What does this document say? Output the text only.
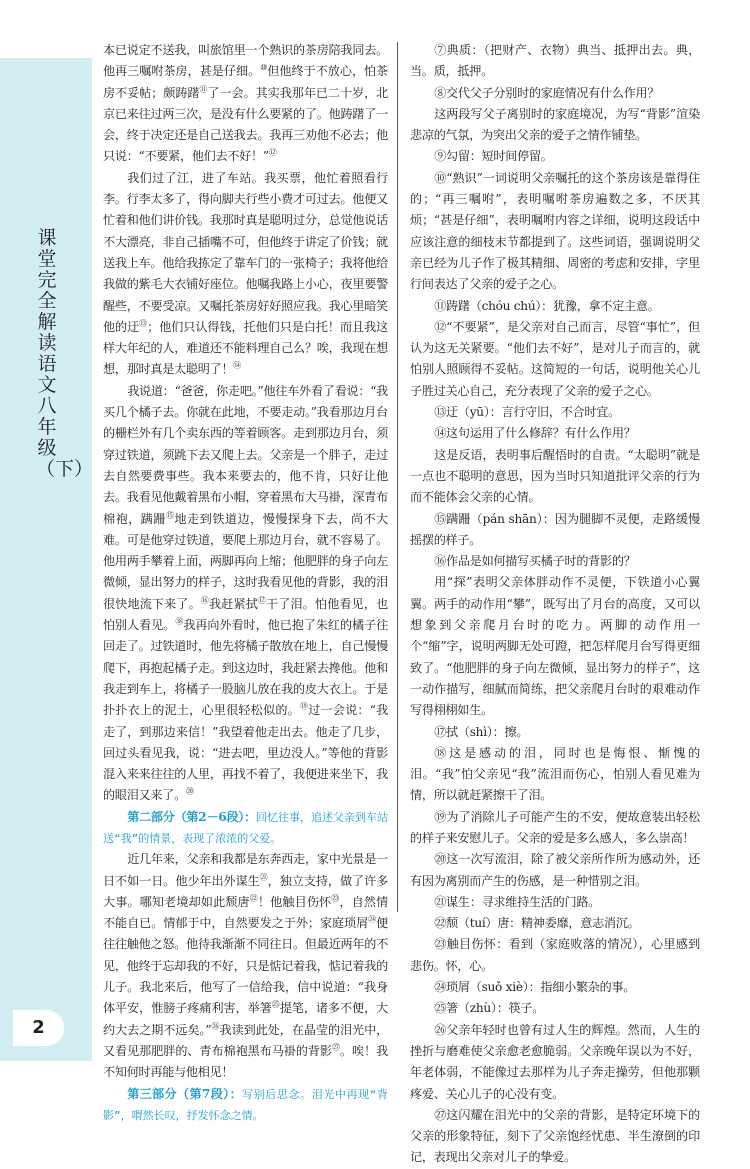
课堂完全解读 语文 八年级（下）
2

本已说定不送我，叫旅馆里一个熟识的茶房陪我同去。他再三嘱咐茶房，甚是仔细。⑩但他终于不放心，怕茶房不妥帖；颇踌躇⑪了一会。其实我那年已二十岁，北京已来往过两三次，是没有什么要紧的了。他踌躇了一会，终于决定还是自己送我去。我再三劝他不必去；他只说：“不要紧，他们去不好！”⑫

我们过了江，进了车站。我买票，他忙着照看行李。行李太多了，得向脚夫行些小费才可过去。他便又忙着和他们讲价钱。我那时真是聪明过分，总觉他说话不大漂亮，非自己插嘴不可，但他终于讲定了价钱；就送我上车。他给我拣定了靠车门的一张椅子；我将他给我做的紫毛大衣铺好座位。他嘱我路上小心，夜里要警醒些，不要受凉。又嘱托茶房好好照应我。我心里暗笑他的迂⑬；他们只认得钱，托他们只是白托！而且我这样大年纪的人，难道还不能料理自己么？唉，我现在想想，那时真是太聪明了！⑭

我说道：“爸爸，你走吧。”他往车外看了看说：“我买几个橘子去。你就在此地，不要走动。”我看那边月台的栅栏外有几个卖东西的等着顾客。走到那边月台，须穿过铁道，须跳下去又爬上去。父亲是一个胖子，走过去自然要费事些。我本来要去的，他不肯，只好让他去。我看见他戴着黑布小帽，穿着黑布大马褂，深青布棉袍，蹒跚⑮地走到铁道边，慢慢探身下去，尚不大难。可是他穿过铁道，要爬上那边月台，就不容易了。他用两手攀着上面，两脚再向上缩；他肥胖的身子向左微倾，显出努力的样子，这时我看见他的背影，我的泪很快地流下来了。⑯我赶紧拭⑰干了泪。怕他看见，也怕别人看见。⑱我再向外看时，他已抱了朱红的橘子往回走了。过铁道时，他先将橘子散放在地上，自己慢慢爬下，再抱起橘子走。到这边时，我赶紧去搀他。他和我走到车上，将橘子一股脑儿放在我的皮大衣上。于是扑扑衣上的泥土，心里很轻松似的。⑲过一会说：“我走了，到那边来信！”我望着他走出去。他走了几步，回过头看见我，说：“进去吧，里边没人。”等他的背影混入来来往往的人里，再找不着了，我便进来坐下，我的眼泪又来了。⑳

第二部分（第2－6段）：回忆往事，追述父亲到车站送“我”的情景，表现了浓浓的父爱。

近几年来，父亲和我都是东奔西走，家中光景是一日不如一日。他少年出外谋生$^㉑$，独立支持，做了许多大事。哪知老境却如此颓唐$^㉒$！他触目伤怀$^㉓$，自然情不能自已。情郁于中，自然要发之于外；家庭琐屑$^㉔$便往往触他之怒。他待我渐渐不同往日。但最近两年的不见，他终于忘却我的不好，只是惦记着我，惦记着我的儿子。我北来后，他写了一信给我，信中说道：“我身体平安，惟膀子疼痛利害，举箸$^㉕$提笔，诸多不便，大约大去之期不远矣。”$^㉖$我读到此处，在晶莹的泪光中，又看见那肥胖的、青布棉袍黑布马褂的背影$^㉗$。唉！我不知何时再能与他相见！

第三部分（第7段）：写别后思念。泪光中再现“背影”，喟然长叹，抒发怀念之情。

⑦典质：（把财产、衣物）典当、抵押出去。典，当。质，抵押。

⑧交代父子分别时的家庭情况有什么作用？

这两段写父子离别时的家庭境况，为写“背影”渲染悲凉的气氛，为突出父亲的爱子之情作铺垫。

⑨勾留：短时间停留。

⑩“熟识”一词说明父亲嘱托的这个茶房该是靠得住的；“再三嘱咐”，表明嘱咐茶房遍数之多，不厌其烦；“甚是仔细”，表明嘱咐内容之详细，说明这段话中应该注意的细枝末节都提到了。这些词语，强调说明父亲已经为儿子作了极其精细、周密的考虑和安排，字里行间表达了父亲的爱子之心。

⑪踌躇（chóu chú）：犹豫，拿不定主意。

⑫“不要紧”，是父亲对自己而言，尽管“事忙”，但认为这无关紧要。“他们去不好”，是对儿子而言的，就怕别人照顾得不妥帖。这简短的一句话，说明他关心儿子胜过关心自己，充分表现了父亲的爱子之心。

⑬迂（yū）：言行守旧，不合时宜。

⑭这句运用了什么修辞？有什么作用？

这是反语，表明事后醒悟时的自责。“太聪明”就是一点也不聪明的意思，因为当时只知道批评父亲的行为而不能体会父亲的心情。

⑮蹒跚（pán shān）：因为腿脚不灵便，走路缓慢摇摆的样子。

⑯作品是如何描写买橘子时的背影的？

用“探”表明父亲体胖动作不灵便，下铁道小心翼翼。两手的动作用“攀”，既写出了月台的高度，又可以想象到父亲爬月台时的吃力。两脚的动作用一个“缩”字，说明两脚无处可蹬，把怎样爬月台写得更细致了。“他肥胖的身子向左微倾，显出努力的样子”，这一动作描写，细腻而简练，把父亲爬月台时的艰难动作写得栩栩如生。

⑰拭（shì）：擦。

⑱这是感动的泪，同时也是悔恨、惭愧的泪。“我”怕父亲见“我”流泪而伤心，怕别人看见难为情，所以就赶紧擦干了泪。

⑲为了消除儿子可能产生的不安，便故意装出轻松的样子来安慰儿子。父亲的爱是多么感人，多么崇高！

⑳这一次写流泪，除了被父亲所作所为感动外，还有因为离别而产生的伤感，是一种惜别之泪。

㉑谋生：寻求维持生活的门路。

㉒颓（tuí）唐：精神委靡，意志消沉。

㉓触目伤怀：看到（家庭败落的情况），心里感到悲伤。怀，心。

㉔琐屑（suǒ xiè）：指细小繁杂的事。

㉕箸（zhù）：筷子。

㉖父亲年轻时也曾有过人生的辉煌。然而，人生的挫折与磨难使父亲愈老愈脆弱。父亲晚年误以为不好，年老体弱，不能像过去那样为儿子奔走操劳，但他那颗疼爱、关心儿子的心没有变。

㉗这闪耀在泪光中的父亲的背影，是特定环境下的父亲的形象特征，刻下了父亲饱经忧患、半生潦倒的印记，表现出父亲对儿子的挚爱。
